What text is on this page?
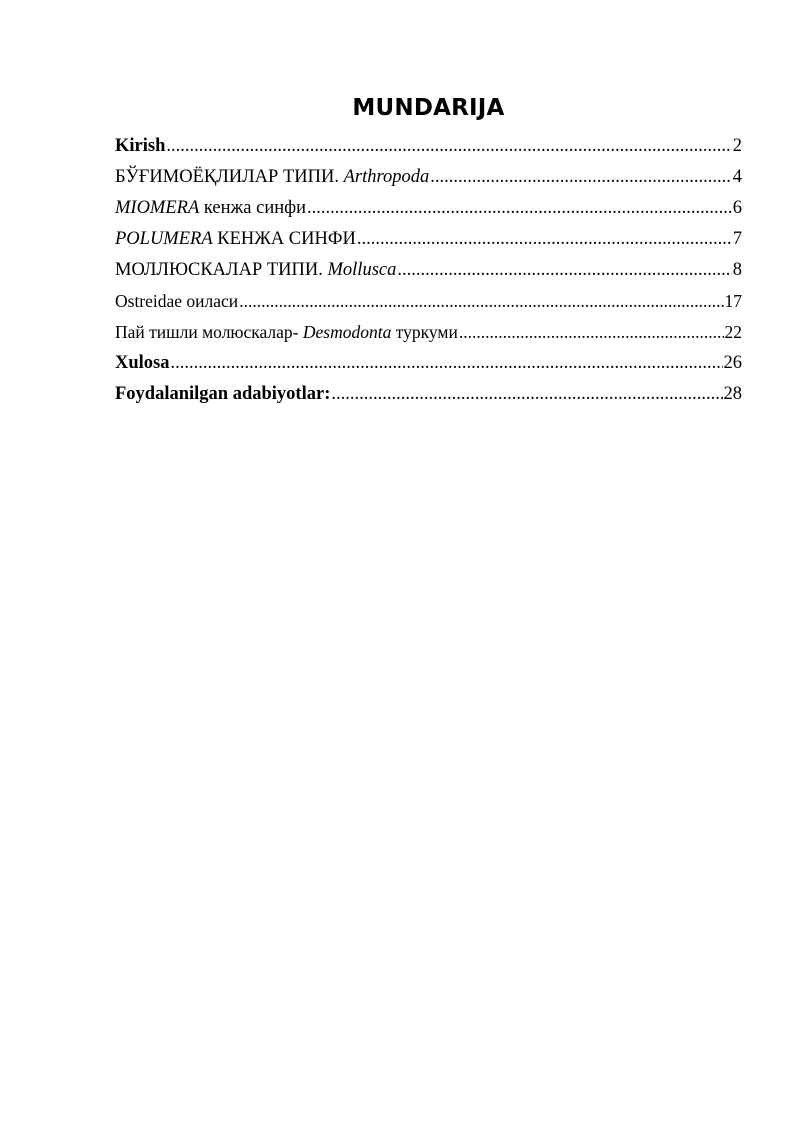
MUNDARIJA
Kirish .....	2
БЎҒИМОЁҚЛИЛАР ТИПИ. Arthropoda .....	4
MIOMERA кенжа синфи .....	6
POLUMERA КЕНЖА СИНФИ .....	7
МОЛЛЮСКАЛАР ТИПИ. Mollusca .....	8
Ostreidae оиласи .....	17
Пай тишли молюскалар- Desmodonta туркуми .....	22
Xulosa .....	26
Foydalanilgan adabiyotlar: .....	28
